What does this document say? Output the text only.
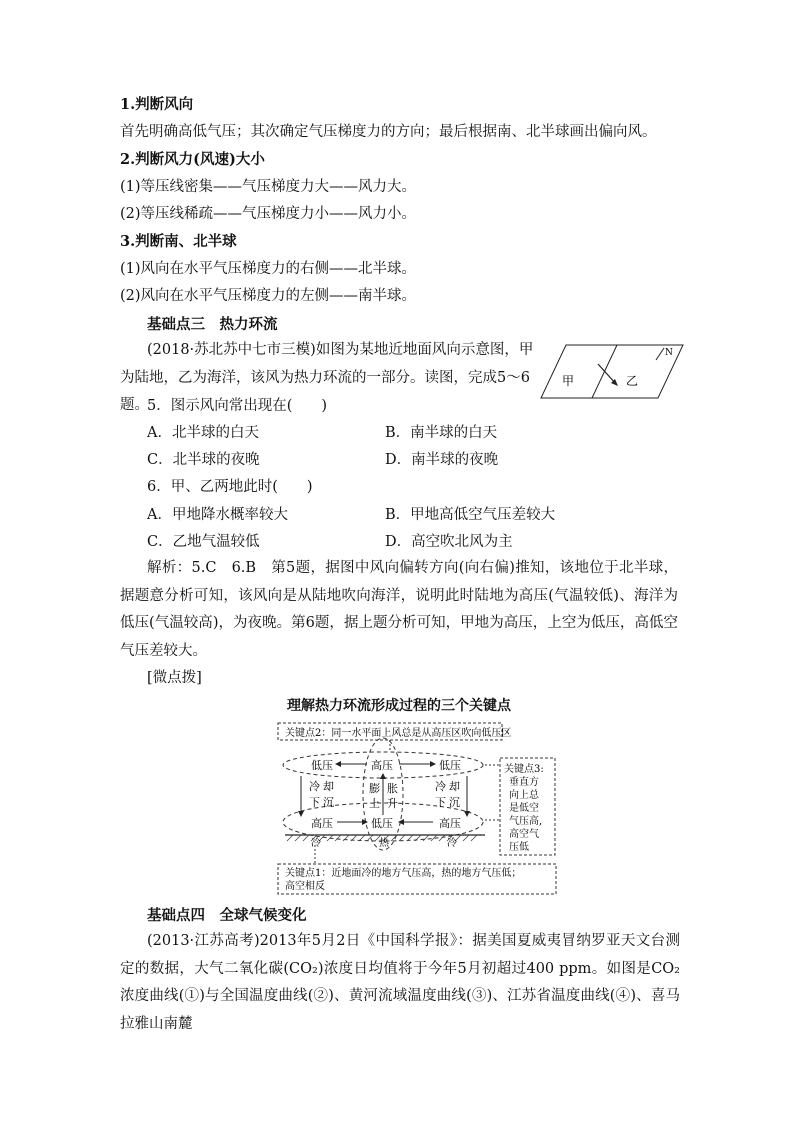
1.判断风向
首先明确高低气压；其次确定气压梯度力的方向；最后根据南、北半球画出偏向风。
2.判断风力(风速)大小
(1)等压线密集——气压梯度力大——风力大。
(2)等压线稀疏——气压梯度力小——风力小。
3.判断南、北半球
(1)风向在水平气压梯度力的右侧——北半球。
(2)风向在水平气压梯度力的左侧——南半球。
基础点三　热力环流
(2018·苏北苏中七市三模)如图为某地近地面风向示意图，甲为陆地，乙为海洋，该风为热力环流的一部分。读图，完成5～6题。
甲	乙
N
5．图示风向常出现在(　　)
A．北半球的白天	B．南半球的白天
C．北半球的夜晚	D．南半球的夜晚
6．甲、乙两地此时(　　)
A．甲地降水概率较大	B．甲地高低空气压差较大
C．乙地气温较低	D．高空吹北风为主
解析：5.C　6.B　第5题，据图中风向偏转方向(向右偏)推知，该地位于北半球，据题意分析可知，该风向是从陆地吹向海洋，说明此时陆地为高压(气温较低)、海洋为低压(气温较高)，为夜晚。第6题，据上题分析可知，甲地为高压，上空为低压，高低空气压差较大。
[微点拨]
理解热力环流形成过程的三个关键点
关键点2：同一水平面上风总是从高压区吹向低压区
关键点3:
垂直方
向上总
是低空
气压高,
高空气
压低
低压	高压	低压
冷
下
却
沉
膨
上
胀
升
冷
下
却
沉
高压	低压	高压
冷	热	冷
关键点1：近地面冷的地方气压高，热的地方气压低；
高空相反
基础点四　全球气候变化
(2013·江苏高考)2013年5月2日《中国科学报》：据美国夏威夷冒纳罗亚天文台测定的数据，大气二氧化碳(CO₂)浓度日均值将于今年5月初超过400 ppm。如图是CO₂浓度曲线(①)与全国温度曲线(②)、黄河流域温度曲线(③)、江苏省温度曲线(④)、喜马拉雅山南麓
